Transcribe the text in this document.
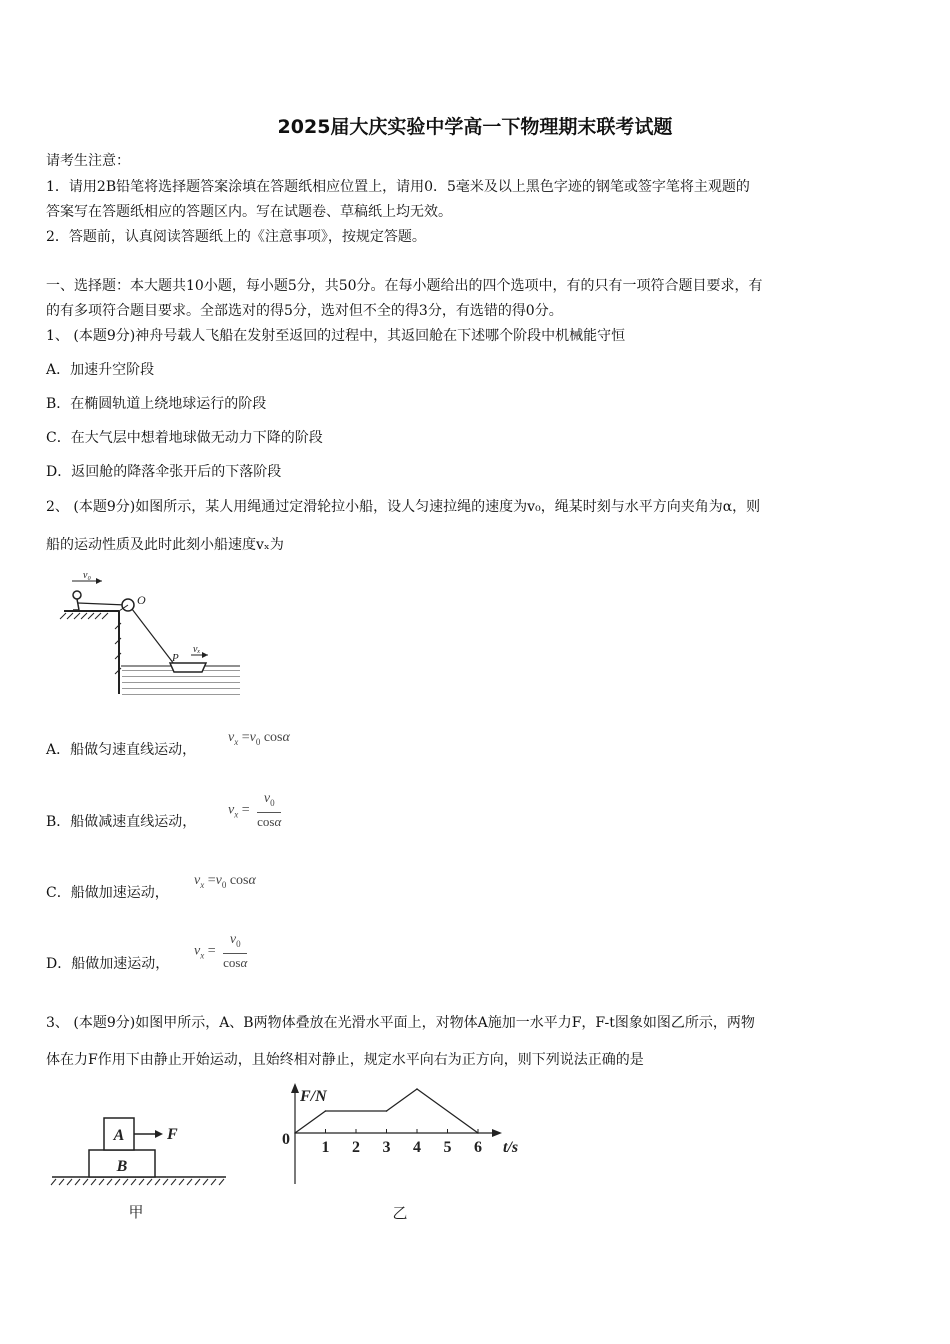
2025届大庆实验中学高一下物理期末联考试题
请考生注意：
1．请用2B铅笔将选择题答案涂填在答题纸相应位置上，请用0．5毫米及以上黑色字迹的钢笔或签字笔将主观题的
答案写在答题纸相应的答题区内。写在试题卷、草稿纸上均无效。
2．答题前，认真阅读答题纸上的《注意事项》，按规定答题。
一、选择题：本大题共10小题，每小题5分，共50分。在每小题给出的四个选项中，有的只有一项符合题目要求，有
的有多项符合题目要求。全部选对的得5分，选对但不全的得3分，有选错的得0分。
1、 (本题9分)神舟号载人飞船在发射至返回的过程中，其返回舱在下述哪个阶段中机械能守恒
A．加速升空阶段
B．在椭圆轨道上绕地球运行的阶段
C．在大气层中想着地球做无动力下降的阶段
D．返回舱的降落伞张开后的下落阶段
2、 (本题9分)如图所示，某人用绳通过定滑轮拉小船，设人匀速拉绳的速度为v₀，绳某时刻与水平方向夹角为α，则
船的运动性质及此时此刻小船速度vₓ为
v₀
O
P
vₓ
A．船做匀速直线运动，
$v_x =v_0$ cosα
B．船做减速直线运动，
$v_x = \frac{v_0}{\cos\alpha}$
C．船做加速运动，
$v_x =v_0$ cosα
D．船做加速运动，
$v_x = \frac{v_0}{\cos\alpha}$
3、 (本题9分)如图甲所示，A、B两物体叠放在光滑水平面上，对物体A施加一水平力F，F-t图象如图乙所示，两物
体在力F作用下由静止开始运动，且始终相对静止，规定水平向右为正方向，则下列说法正确的是
A
B
F
甲
1 2 3 4 5 6
F/N
t/s
0
乙
